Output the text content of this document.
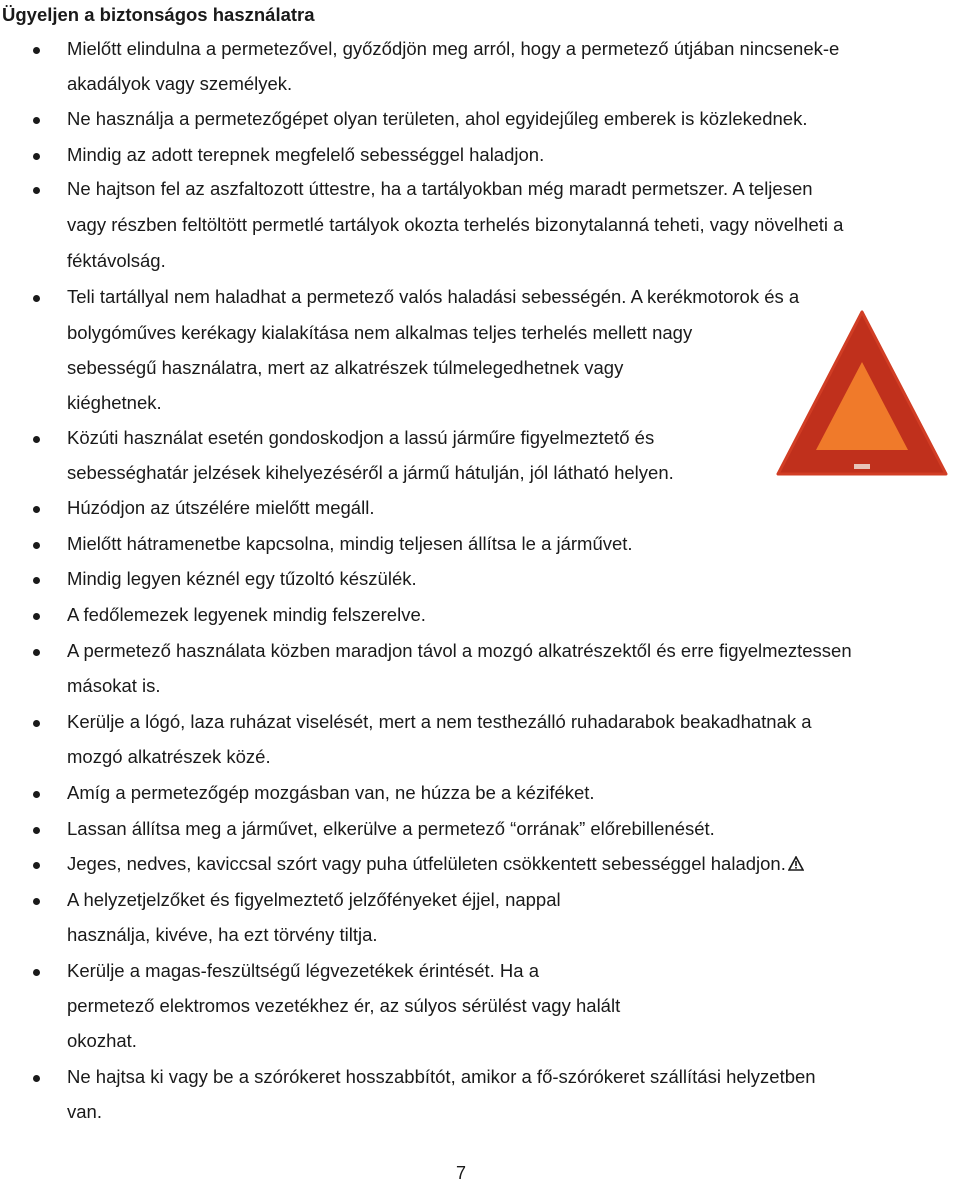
Ügyeljen a biztonságos használatra
Mielőtt elindulna a permetezővel, győződjön meg arról, hogy a permetező útjában nincsenek-e
akadályok vagy személyek.
Ne használja a permetezőgépet olyan területen, ahol egyidejűleg emberek is közlekednek.
Mindig az adott terepnek megfelelő sebességgel haladjon.
Ne hajtson fel az aszfaltozott úttestre, ha a tartályokban még maradt permetszer. A teljesen
vagy részben feltöltött permetlé tartályok okozta terhelés bizonytalanná teheti, vagy növelheti a
féktávolság.
Teli tartállyal nem haladhat a permetező valós haladási sebességén. A kerékmotorok és a
bolygóműves kerékagy kialakítása nem alkalmas teljes terhelés mellett nagy
sebességű használatra, mert az alkatrészek túlmelegedhetnek vagy
kiéghetnek.
Közúti használat esetén gondoskodjon a lassú járműre figyelmeztető és
sebességhatár jelzések kihelyezéséről a jármű hátulján, jól látható helyen.
Húzódjon az útszélére mielőtt megáll.
Mielőtt hátramenetbe kapcsolna, mindig teljesen állítsa le a járművet.
Mindig legyen kéznél egy tűzoltó készülék.
A fedőlemezek legyenek mindig felszerelve.
A permetező használata közben maradjon távol a mozgó alkatrészektől és erre figyelmeztessen
másokat is.
Kerülje a lógó, laza ruházat viselését, mert a nem testhezálló ruhadarabok beakadhatnak a
mozgó alkatrészek közé.
Amíg a permetezőgép mozgásban van, ne húzza be a kéziféket.
Lassan állítsa meg a járművet, elkerülve a permetező “orrának” előrebillenését.
Jeges, nedves, kaviccsal szórt vagy puha útfelületen csökkentett sebességgel haladjon.
A helyzetjelzőket és figyelmeztető jelzőfényeket éjjel, nappal
használja, kivéve, ha ezt törvény tiltja.
Kerülje a magas-feszültségű légvezetékek érintését. Ha a
permetező elektromos vezetékhez ér, az súlyos sérülést vagy halált
okozhat.
Ne hajtsa ki vagy be a szórókeret hosszabbítót, amikor a fő-szórókeret szállítási helyzetben
van.
7
